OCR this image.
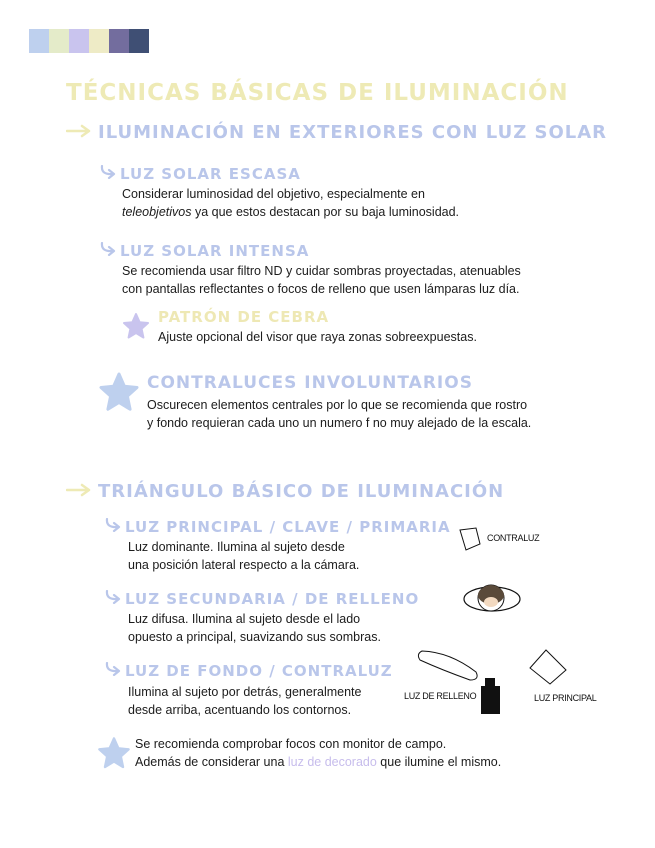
TÉCNICAS BÁSICAS DE ILUMINACIÓN
ILUMINACIÓN EN EXTERIORES CON LUZ SOLAR
LUZ SOLAR ESCASA
Considerar luminosidad del objetivo, especialmente en
teleobjetivos ya que estos destacan por su baja luminosidad.
LUZ SOLAR INTENSA
Se recomienda usar filtro ND y cuidar sombras proyectadas, atenuables
con pantallas reflectantes o focos de relleno que usen lámparas luz día.
PATRÓN DE CEBRA
Ajuste opcional del visor que raya zonas sobreexpuestas.
CONTRALUCES INVOLUNTARIOS
Oscurecen elementos centrales por lo que se recomienda que rostro
y fondo requieran cada uno un numero f no muy alejado de la escala.
TRIÁNGULO BÁSICO DE ILUMINACIÓN
LUZ PRINCIPAL / CLAVE / PRIMARIA
Luz dominante. Ilumina al sujeto desde
una posición lateral respecto a la cámara.
LUZ SECUNDARIA / DE RELLENO
Luz difusa. Ilumina al sujeto desde el lado
opuesto a principal, suavizando sus sombras.
LUZ DE FONDO / CONTRALUZ
Ilumina al sujeto por detrás, generalmente
desde arriba, acentuando los contornos.
CONTRALUZ
LUZ DE RELLENO	LUZ PRINCIPAL
Se recomienda comprobar focos con monitor de campo.
Además de considerar una luz de decorado que ilumine el mismo.
